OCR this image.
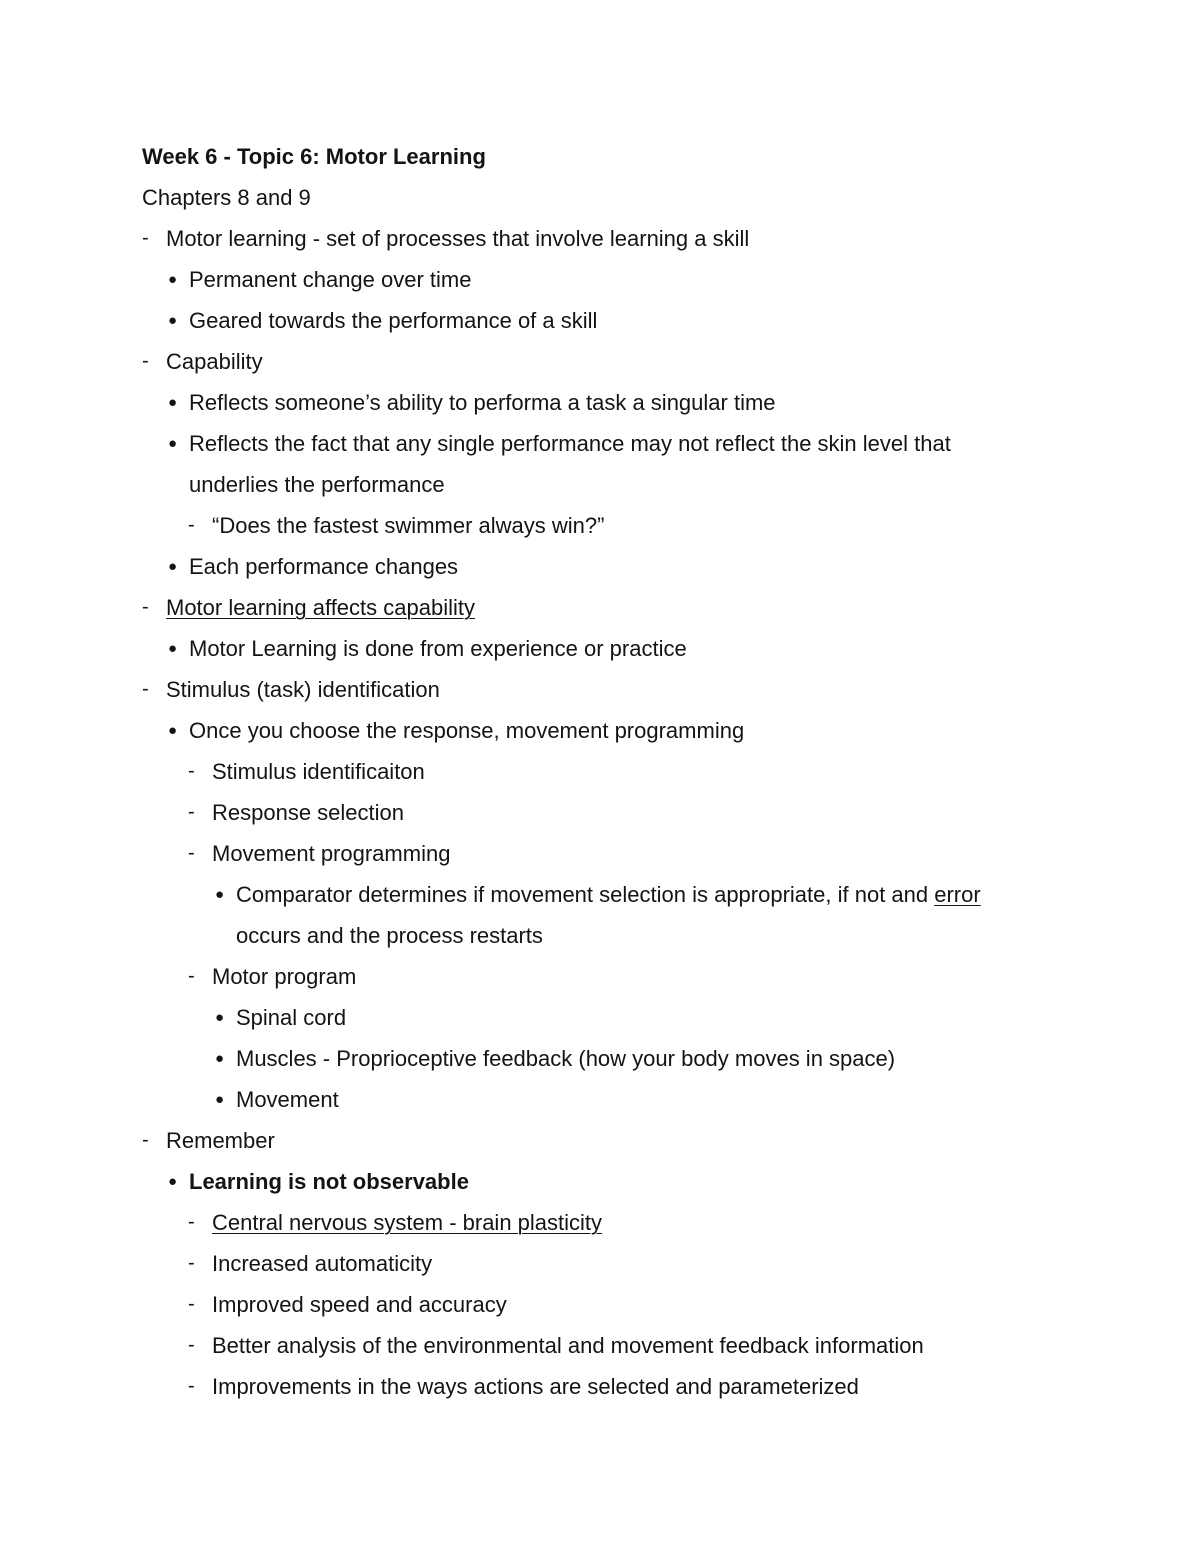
Week 6 - Topic 6: Motor Learning
Chapters 8 and 9
- Motor learning - set of processes that involve learning a skill
● Permanent change over time
● Geared towards the performance of a skill
- Capability
● Reflects someone’s ability to performa a task a singular time
● Reflects the fact that any single performance may not reflect the skin level that
underlies the performance
- “Does the fastest swimmer always win?”
● Each performance changes
- Motor learning affects capability
● Motor Learning is done from experience or practice
- Stimulus (task) identification
● Once you choose the response, movement programming
- Stimulus identificaiton
- Response selection
- Movement programming
● Comparator determines if movement selection is appropriate, if not and error
occurs and the process restarts
- Motor program
● Spinal cord
● Muscles - Proprioceptive feedback (how your body moves in space)
● Movement
- Remember
● Learning is not observable
- Central nervous system - brain plasticity
- Increased automaticity
- Improved speed and accuracy
- Better analysis of the environmental and movement feedback information
- Improvements in the ways actions are selected and parameterized
